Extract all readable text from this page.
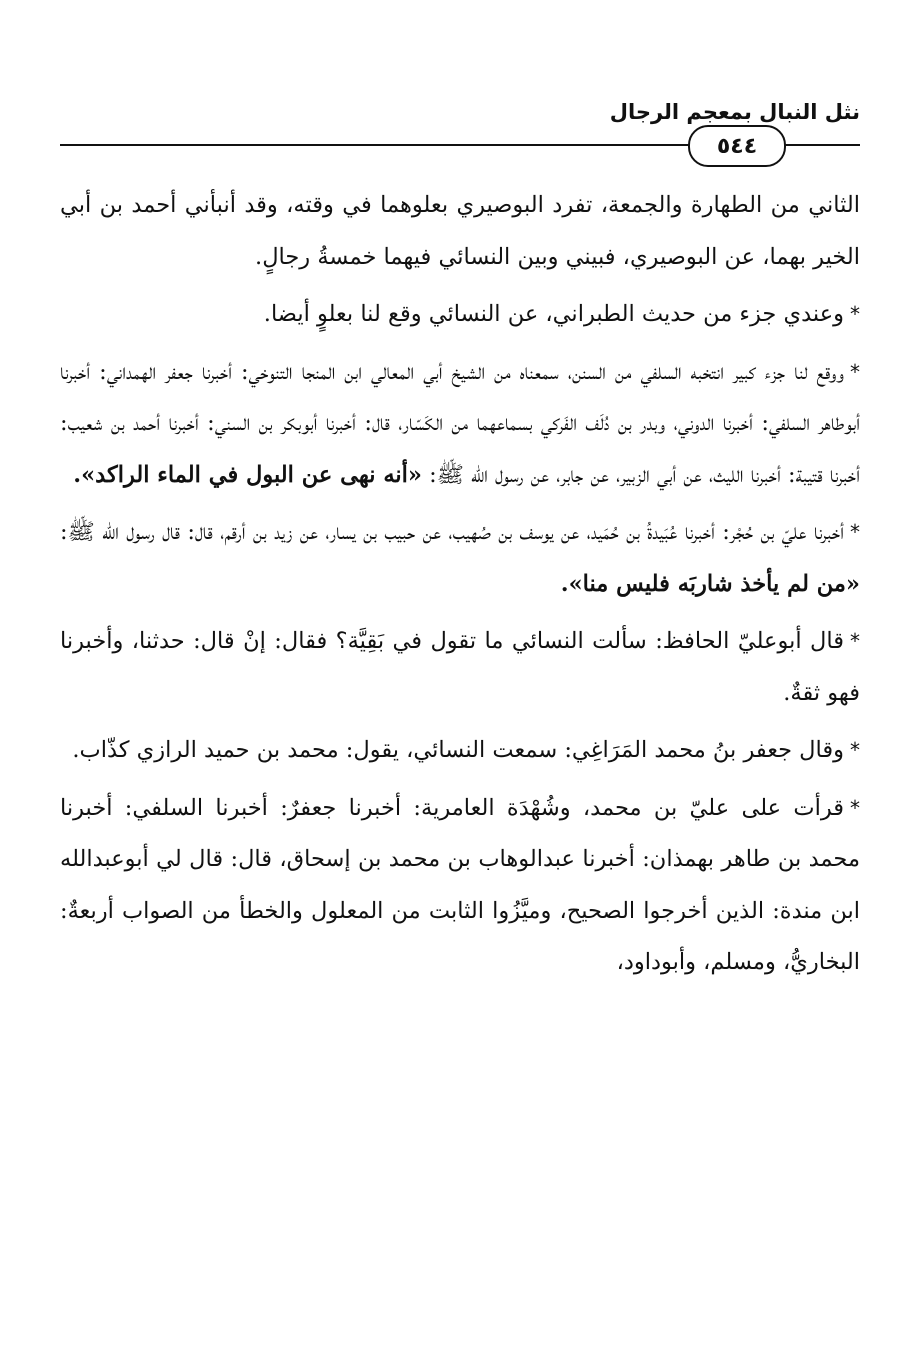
نثل النبال بمعجم الرجال
٥٤٤

الثاني من الطهارة والجمعة، تفرد البوصيري بعلوهما في وقته، وقد أنبأني أحمد بن أبي الخير بهما، عن البوصيري، فبيني وبين النسائي فيهما خمسةُ رجالٍ.

*وعندي جزء من حديث الطبراني، عن النسائي وقع لنا بعلوٍ أيضا.

*ووقع لنا جزء كبير انتخبه السلفي من السنن، سمعناه من الشيخ أبي المعالي ابن المنجا التنوخي: أخبرنا جعفر الهمداني: أخبرنا أبوطاهر السلفي: أخبرنا الدوني، وبدر بن دُلَف الفَركي بسماعهما من الكَسّار، قال: أخبرنا أبوبكر بن السني: أخبرنا أحمد بن شعيب: أخبرنا قتيبة: أخبرنا الليث، عن أبي الزبير، عن جابر، عن رسول الله ﷺ: «أنه نهى عن البول في الماء الراكد».

*أخبرنا عليّ بن حُجْر: أخبرنا عُبَيدةُ بن حُمَيد، عن يوسف بن صُهيب، عن حبيب بن يسار، عن زيد بن أرقم، قال: قال رسول الله ﷺ: «من لم يأخذ شاربَه فليس منا».

*قال أبوعليّ الحافظ: سألت النسائي ما تقول في بَقِيَّة؟ فقال: إنْ قال: حدثنا، وأخبرنا فهو ثقةٌ.

*وقال جعفر بنُ محمد المَرَاغِي: سمعت النسائي، يقول: محمد بن حميد الرازي كذّاب.

*قرأت على عليّ بن محمد، وشُهْدَة العامرية: أخبرنا جعفرٌ: أخبرنا السلفي: أخبرنا محمد بن طاهر بهمذان: أخبرنا عبدالوهاب بن محمد بن إسحاق، قال: قال لي أبوعبدالله ابن مندة: الذين أخرجوا الصحيح، وميَّزُوا الثابت من المعلول والخطأ من الصواب أربعةٌ: البخاريُّ، ومسلم، وأبوداود،
